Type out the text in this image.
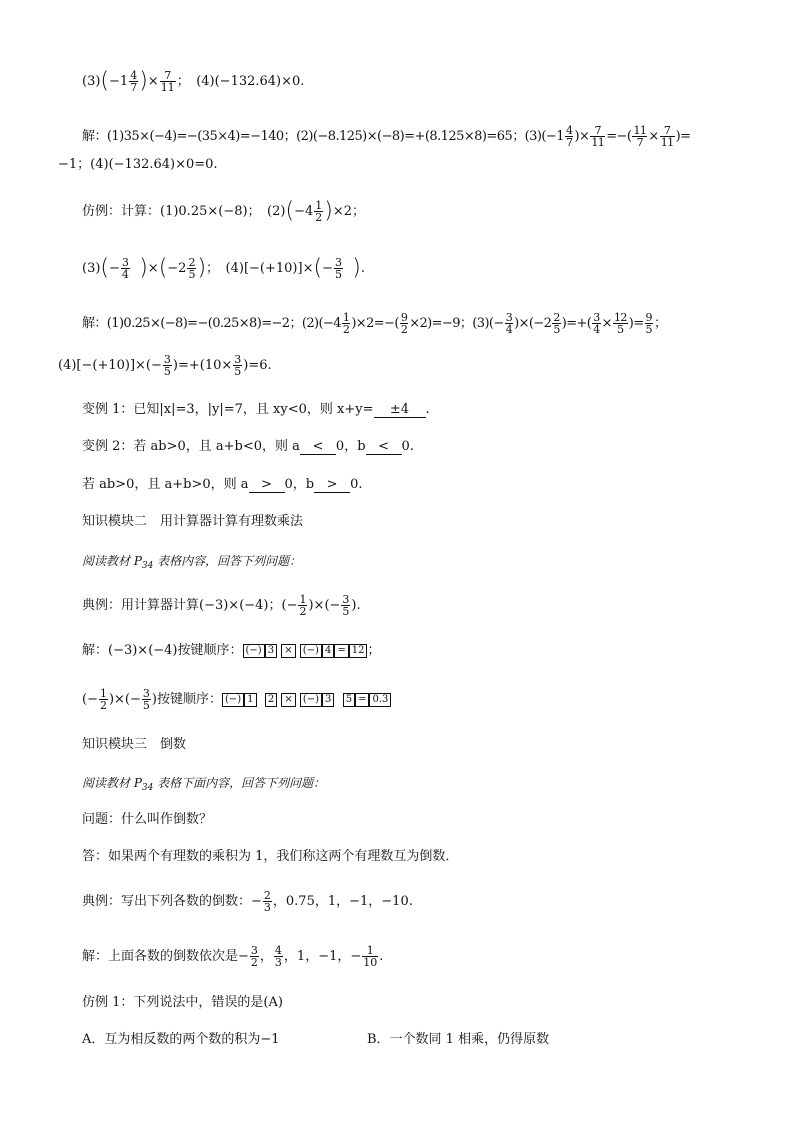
$(3)(-1 \frac{4}{7}$ )× $\frac{7}{11}$ ；　(4)(−132.64)×0.
解：(1)35×(−4)=−(35×4)=−140；(2)(−8.125)×(−8)=+(8.125×8)=65；$(3)(-1 \frac{4}{7}$ )× $\frac{7}{11}$ =−( $\frac{11}{7} \times \frac{7}{11}$ )=
−1；(4)(−132.64)×0=0.
仿例：计算：(1)0.25×(−8)；　$(2)(-4 \frac{1}{2} )\times 2$；
$(3)(- \frac{3}{4} )\times(-2 \frac{2}{5}$ )；　$(4)[-(+10)]\times(- \frac{3}{5}$ ).
解：(1)0.25×(−8)=−(0.25×8)=−2；$(2)(-4 \frac{1}{2} )\times 2=-( \frac{9}{2} \times 2)=-9$；$(3)(- \frac{3}{4} )\times(-2 \frac{2}{5}$ )=+( $\frac{3}{4} \times \frac{12}{5}$ )= $\frac{9}{5}$ ；
$(4)[-(+10)]\times(- \frac{3}{5} )=+(10\times \frac{3}{5} )=6$.
变例 1：已知|x|=3，|y|=7，且 xy<0，则 x+y= ±4 .
变例 2：若 ab>0，且 a+b<0，则 a < 0，b < 0.
若 ab>0，且 a+b>0，则 a > 0，b > 0.
知识模块二　用计算器计算有理数乘法
阅读教材 $P_{34}$ 表格内容，回答下列问题：
典例：用计算器计算(−3)×(−4)；(− $\frac{1}{2}$ )×(− $\frac{3}{5}$ ).
解：(−3)×(−4)按键顺序： (−) 3 × (−) 4 = 12 ；
(− $\frac{1}{2}$ )×(− $\frac{3}{5}$ )按键顺序： (−) 1 2 × (−) 3 5 = 0.3
知识模块三　倒数
阅读教材 $P_{34}$ 表格下面内容，回答下列问题：
问题：什么叫作倒数？
答：如果两个有理数的乘积为 1，我们称这两个有理数互为倒数．
典例：写出下列各数的倒数：− $\frac{2}{3}$ ，0.75，1，−1，−10.
解：上面各数的倒数依次是− $\frac{3}{2}$ ， $\frac{4}{3}$ ，1，−1，− $\frac{1}{10}$ .
仿例 1：下列说法中，错误的是(A)
A．互为相反数的两个数的积为−1	B．一个数同 1 相乘，仍得原数
